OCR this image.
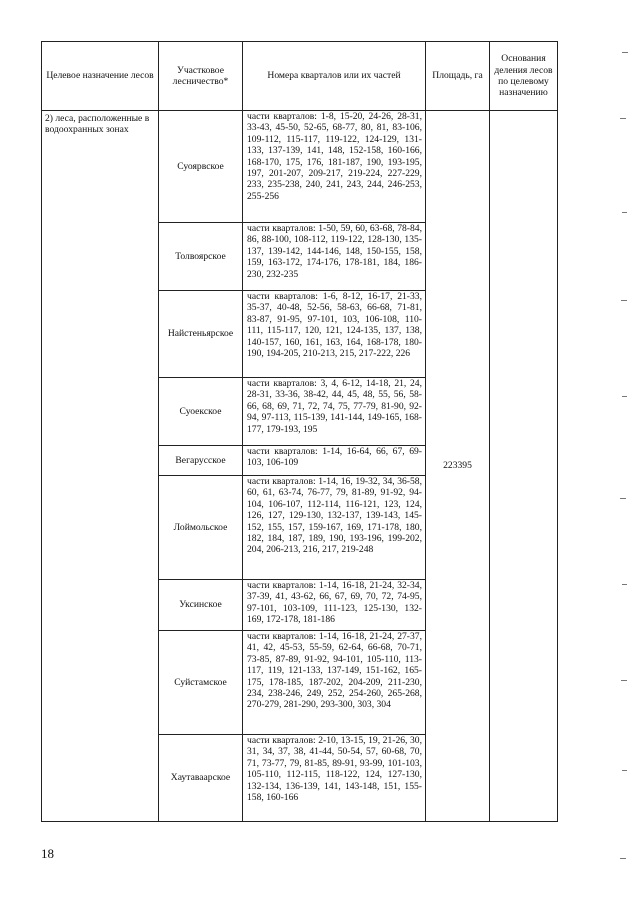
Целевое назначение лесов	Участковое лесничество*	Номера кварталов или их частей	Площадь, га	Основания деления лесов по целевому назначению
2) леса, расположенные в водоохранных зонах	Суоярвское	части кварталов: 1-8, 15-20, 24-26, 28-31, 33-43, 45-50, 52-65, 68-77, 80, 81, 83-106, 109-112, 115-117, 119-122, 124-129, 131-133, 137-139, 141, 148, 152-158, 160-166, 168-170, 175, 176, 181-187, 190, 193-195, 197, 201-207, 209-217, 219-224, 227-229, 233, 235-238, 240, 241, 243, 244, 246-253, 255-256	223395	
	Толвоярское	части кварталов: 1-50, 59, 60, 63-68, 78-84, 86, 88-100, 108-112, 119-122, 128-130, 135-137, 139-142, 144-146, 148, 150-155, 158, 159, 163-172, 174-176, 178-181, 184, 186-230, 232-235		
	Найстеньярское	части кварталов: 1-6, 8-12, 16-17, 21-33, 35-37, 40-48, 52-56, 58-63, 66-68, 71-81, 83-87, 91-95, 97-101, 103, 106-108, 110-111, 115-117, 120, 121, 124-135, 137, 138, 140-157, 160, 161, 163, 164, 168-178, 180-190, 194-205, 210-213, 215, 217-222, 226		
	Суоекское	части кварталов: 3, 4, 6-12, 14-18, 21, 24, 28-31, 33-36, 38-42, 44, 45, 48, 55, 56, 58-66, 68, 69, 71, 72, 74, 75, 77-79, 81-90, 92-94, 97-113, 115-139, 141-144, 149-165, 168-177, 179-193, 195		
	Вегарусское	части кварталов: 1-14, 16-64, 66, 67, 69-103, 106-109		
	Лоймольское	части кварталов: 1-14, 16, 19-32, 34, 36-58, 60, 61, 63-74, 76-77, 79, 81-89, 91-92, 94-104, 106-107, 112-114, 116-121, 123, 124, 126, 127, 129-130, 132-137, 139-143, 145-152, 155, 157, 159-167, 169, 171-178, 180, 182, 184, 187, 189, 190, 193-196, 199-202, 204, 206-213, 216, 217, 219-248		
	Уксинское	части кварталов: 1-14, 16-18, 21-24, 32-34, 37-39, 41, 43-62, 66, 67, 69, 70, 72, 74-95, 97-101, 103-109, 111-123, 125-130, 132-169, 172-178, 181-186		
	Суйстамское	части кварталов: 1-14, 16-18, 21-24, 27-37, 41, 42, 45-53, 55-59, 62-64, 66-68, 70-71, 73-85, 87-89, 91-92, 94-101, 105-110, 113-117, 119, 121-133, 137-149, 151-162, 165-175, 178-185, 187-202, 204-209, 211-230, 234, 238-246, 249, 252, 254-260, 265-268, 270-279, 281-290, 293-300, 303, 304		
	Хаутаваарское	части кварталов: 2-10, 13-15, 19, 21-26, 30, 31, 34, 37, 38, 41-44, 50-54, 57, 60-68, 70, 71, 73-77, 79, 81-85, 89-91, 93-99, 101-103, 105-110, 112-115, 118-122, 124, 127-130, 132-134, 136-139, 141, 143-148, 151, 155-158, 160-166		
18
